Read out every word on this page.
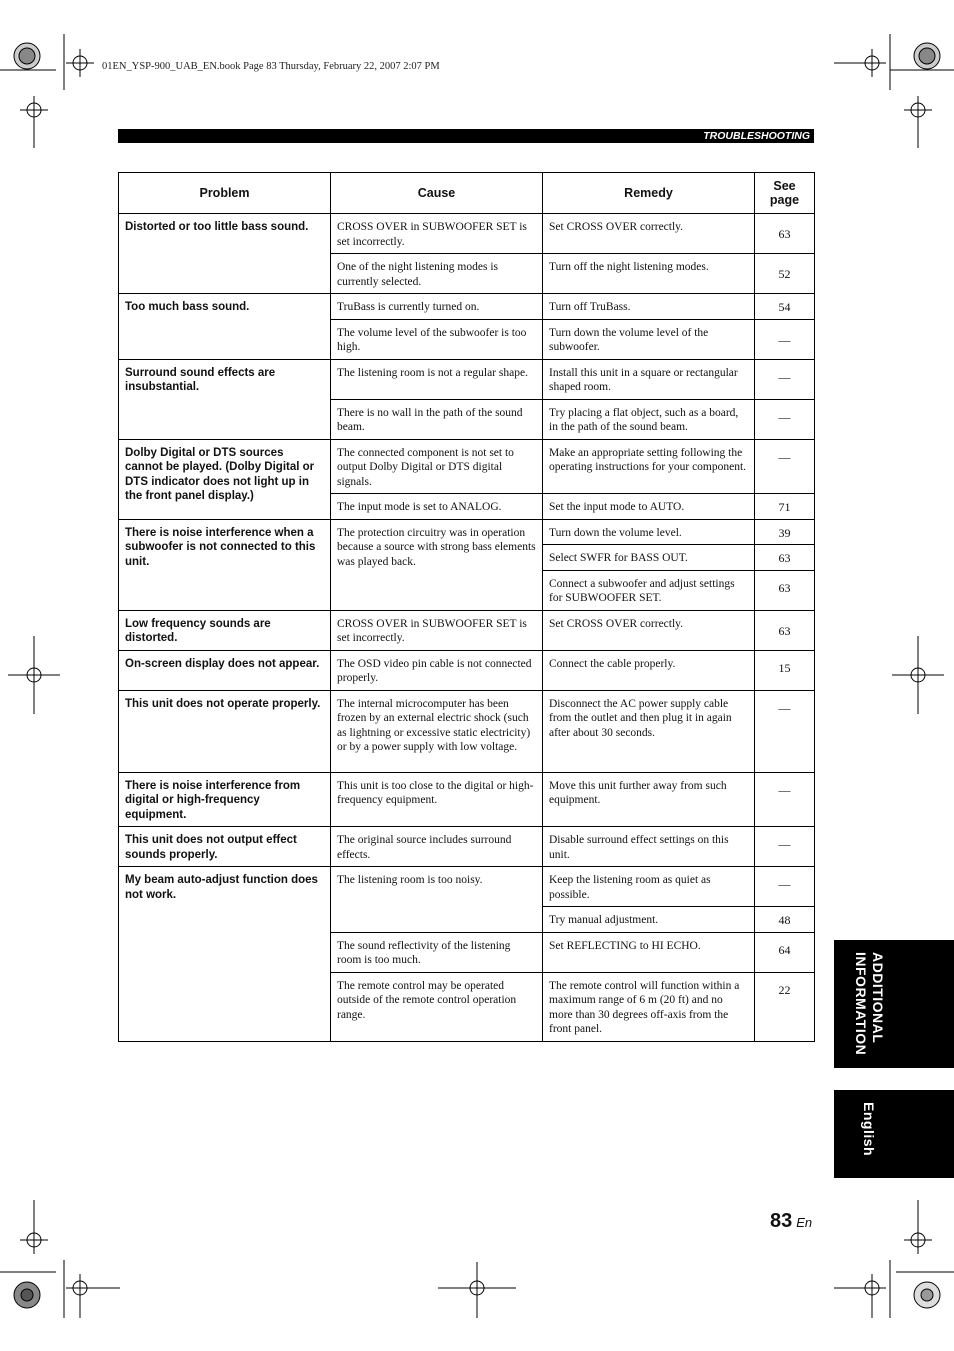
01EN_YSP-900_UAB_EN.book Page 83 Thursday, February 22, 2007 2:07 PM
TROUBLESHOOTING
Problem	Cause	Remedy	See page
Distorted or too little bass sound.	CROSS OVER in SUBWOOFER SET is set incorrectly.	Set CROSS OVER correctly.	63
	One of the night listening modes is currently selected.	Turn off the night listening modes.	52
Too much bass sound.	TruBass is currently turned on.	Turn off TruBass.	54
	The volume level of the subwoofer is too high.	Turn down the volume level of the subwoofer.	—
Surround sound effects are insubstantial.	The listening room is not a regular shape.	Install this unit in a square or rectangular shaped room.	—
	There is no wall in the path of the sound beam.	Try placing a flat object, such as a board, in the path of the sound beam.	—
Dolby Digital or DTS sources cannot be played. (Dolby Digital or DTS indicator does not light up in the front panel display.)	The connected component is not set to output Dolby Digital or DTS digital signals.	Make an appropriate setting following the operating instructions for your component.	—
	The input mode is set to ANALOG.	Set the input mode to AUTO.	71
There is noise interference when a subwoofer is not connected to this unit.	The protection circuitry was in operation because a source with strong bass elements was played back.	Turn down the volume level.	39
		Select SWFR for BASS OUT.	63
		Connect a subwoofer and adjust settings for SUBWOOFER SET.	63
Low frequency sounds are distorted.	CROSS OVER in SUBWOOFER SET is set incorrectly.	Set CROSS OVER correctly.	63
On-screen display does not appear.	The OSD video pin cable is not connected properly.	Connect the cable properly.	15
This unit does not operate properly.	The internal microcomputer has been frozen by an external electric shock (such as lightning or excessive static electricity) or by a power supply with low voltage.	Disconnect the AC power supply cable from the outlet and then plug it in again after about 30 seconds.	—
There is noise interference from digital or high-frequency equipment.	This unit is too close to the digital or high-frequency equipment.	Move this unit further away from such equipment.	—
This unit does not output effect sounds properly.	The original source includes surround effects.	Disable surround effect settings on this unit.	—
My beam auto-adjust function does not work.	The listening room is too noisy.	Keep the listening room as quiet as possible.	—
		Try manual adjustment.	48
	The sound reflectivity of the listening room is too much.	Set REFLECTING to HI ECHO.	64
	The remote control may be operated outside of the remote control operation range.	The remote control will function within a maximum range of 6 m (20 ft) and no more than 30 degrees off-axis from the front panel.	22	ADDITIONAL
INFORMATION
English
83 En
